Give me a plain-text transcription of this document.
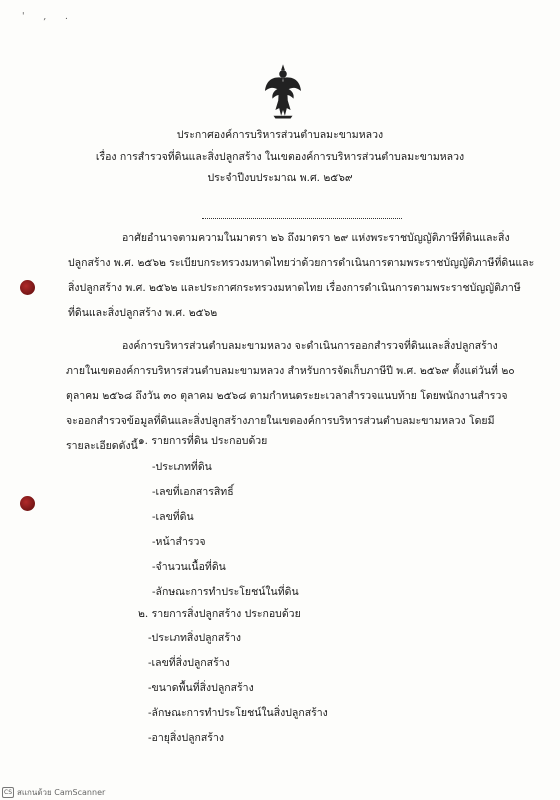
' , .
ประกาศองค์การบริหารส่วนตำบลมะขามหลวง
เรื่อง การสำรวจที่ดินและสิ่งปลูกสร้าง ในเขตองค์การบริหารส่วนตำบลมะขามหลวง
ประจำปีงบประมาณ พ.ศ. ๒๕๖๙
อาศัยอำนาจตามความในมาตรา ๒๖ ถึงมาตรา ๒๙ แห่งพระราชบัญญัติภาษีที่ดินและสิ่ง
ปลูกสร้าง พ.ศ. ๒๕๖๒ ระเบียบกระทรวงมหาดไทยว่าด้วยการดำเนินการตามพระราชบัญญัติภาษีที่ดินและ
สิ่งปลูกสร้าง พ.ศ. ๒๕๖๒ และประกาศกระทรวงมหาดไทย เรื่องการดำเนินการตามพระราชบัญญัติภาษี
ที่ดินและสิ่งปลูกสร้าง พ.ศ. ๒๕๖๒
องค์การบริหารส่วนตำบลมะขามหลวง จะดำเนินการออกสำรวจที่ดินและสิ่งปลูกสร้าง
ภายในเขตองค์การบริหารส่วนตำบลมะขามหลวง สำหรับการจัดเก็บภาษีปี พ.ศ. ๒๕๖๙ ตั้งแต่วันที่ ๒๐
ตุลาคม ๒๕๖๘ ถึงวัน ๓๐ ตุลาคม ๒๕๖๘ ตามกำหนดระยะเวลาสำรวจแนบท้าย โดยพนักงานสำรวจ
จะออกสำรวจข้อมูลที่ดินและสิ่งปลูกสร้างภายในเขตองค์การบริหารส่วนตำบลมะขามหลวง โดยมี
รายละเอียดดังนี้ ๑. รายการที่ดิน ประกอบด้วย
-ประเภทที่ดิน
-เลขที่เอกสารสิทธิ์
-เลขที่ดิน
-หน้าสำรวจ
-จำนวนเนื้อที่ดิน
-ลักษณะการทำประโยชน์ในที่ดิน
๒. รายการสิ่งปลูกสร้าง ประกอบด้วย
-ประเภทสิ่งปลูกสร้าง
-เลขที่สิ่งปลูกสร้าง
-ขนาดพื้นที่สิ่งปลูกสร้าง
-ลักษณะการทำประโยชน์ในสิ่งปลูกสร้าง
-อายุสิ่งปลูกสร้าง
CS สแกนด้วย CamScanner
